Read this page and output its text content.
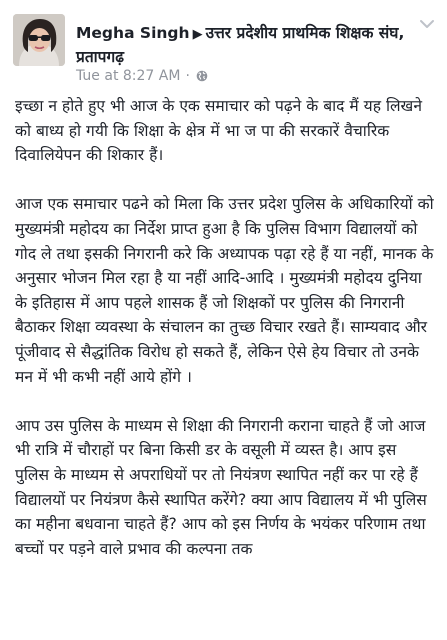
Megha Singh ▶ उत्तर प्रदेशीय प्राथमिक शिक्षक संघ, प्रतापगढ़
Tue at 8:27 AM ·

इच्छा न होते हुए भी आज के एक समाचार को पढ़ने के बाद मैं यह लिखने को बाध्य हो गयी कि शिक्षा के क्षेत्र में भा ज पा की सरकारें वैचारिक दिवालियेपन की शिकार हैं।

आज एक समाचार पढने को मिला कि उत्तर प्रदेश पुलिस के अधिकारियों को मुख्यमंत्री महोदय का निर्देश प्राप्त हुआ है कि पुलिस विभाग विद्यालयों को गोद ले तथा इसकी निगरानी करे कि अध्यापक पढ़ा रहे हैं या नहीं, मानक के अनुसार भोजन मिल रहा है या नहीं आदि-आदि । मुख्यमंत्री महोदय दुनिया के इतिहास में आप पहले शासक हैं जो शिक्षकों पर पुलिस की निगरानी बैठाकर शिक्षा व्यवस्था के संचालन का तुच्छ विचार रखते हैं। साम्यवाद और पूंजीवाद से सैद्धांतिक विरोध हो सकते हैं, लेकिन ऐसे हेय विचार तो उनके मन में भी कभी नहीं आये होंगे ।

आप उस पुलिस के माध्यम से शिक्षा की निगरानी कराना चाहते हैं जो आज भी रात्रि में चौराहों पर बिना किसी डर के वसूली में व्यस्त है। आप इस पुलिस के माध्यम से अपराधियों पर तो नियंत्रण स्थापित नहीं कर पा रहे हैं विद्यालयों पर नियंत्रण कैसे स्थापित करेंगे? क्या आप विद्यालय में भी पुलिस का महीना बधवाना चाहते हैं? आप को इस निर्णय के भयंकर परिणाम तथा बच्चों पर पड़ने वाले प्रभाव की कल्पना तक
